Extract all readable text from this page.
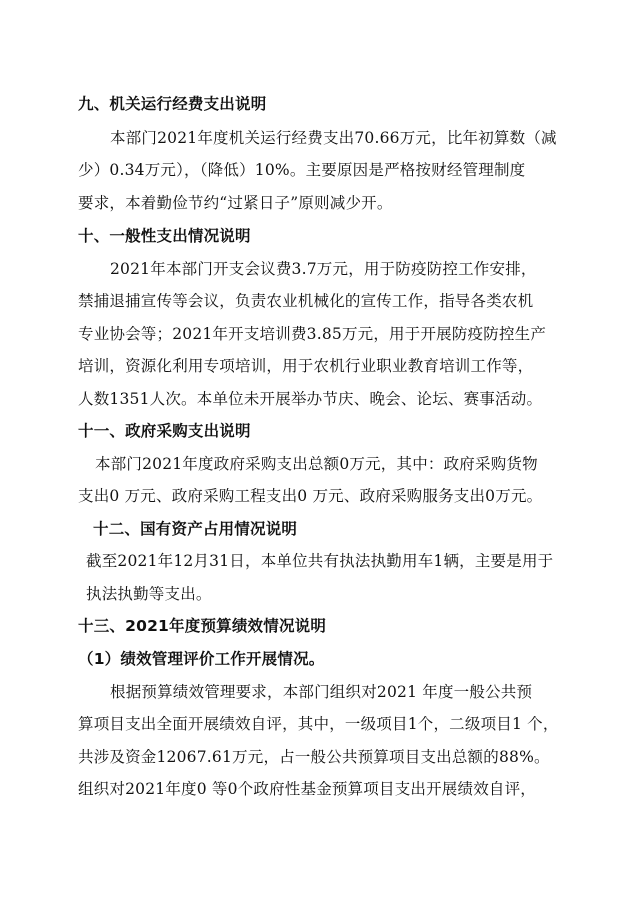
九、机关运行经费支出说明
本部门2021年度机关运行经费支出70.66万元，比年初算数（减
少）0.34万元），（降低）10%。主要原因是严格按财经管理制度
要求，本着勤俭节约“过紧日子”原则减少开。
十、一般性支出情况说明
2021年本部门开支会议费3.7万元，用于防疫防控工作安排，
禁捕退捕宣传等会议，负责农业机械化的宣传工作，指导各类农机
专业协会等；2021年开支培训费3.85万元，用于开展防疫防控生产
培训，资源化利用专项培训，用于农机行业职业教育培训工作等，
人数1351人次。本单位未开展举办节庆、晚会、论坛、赛事活动。
十一、政府采购支出说明
本部门2021年度政府采购支出总额0万元，其中：政府采购货物
支出0 万元、政府采购工程支出0 万元、政府采购服务支出0万元。
十二、国有资产占用情况说明
截至2021年12月31日，本单位共有执法执勤用车1辆，主要是用于
执法执勤等支出。
十三、2021年度预算绩效情况说明
（1）绩效管理评价工作开展情况。
根据预算绩效管理要求，本部门组织对2021 年度一般公共预
算项目支出全面开展绩效自评，其中，一级项目1个，二级项目1 个，
共涉及资金12067.61万元，占一般公共预算项目支出总额的88%。
组织对2021年度0 等0个政府性基金预算项目支出开展绩效自评，
